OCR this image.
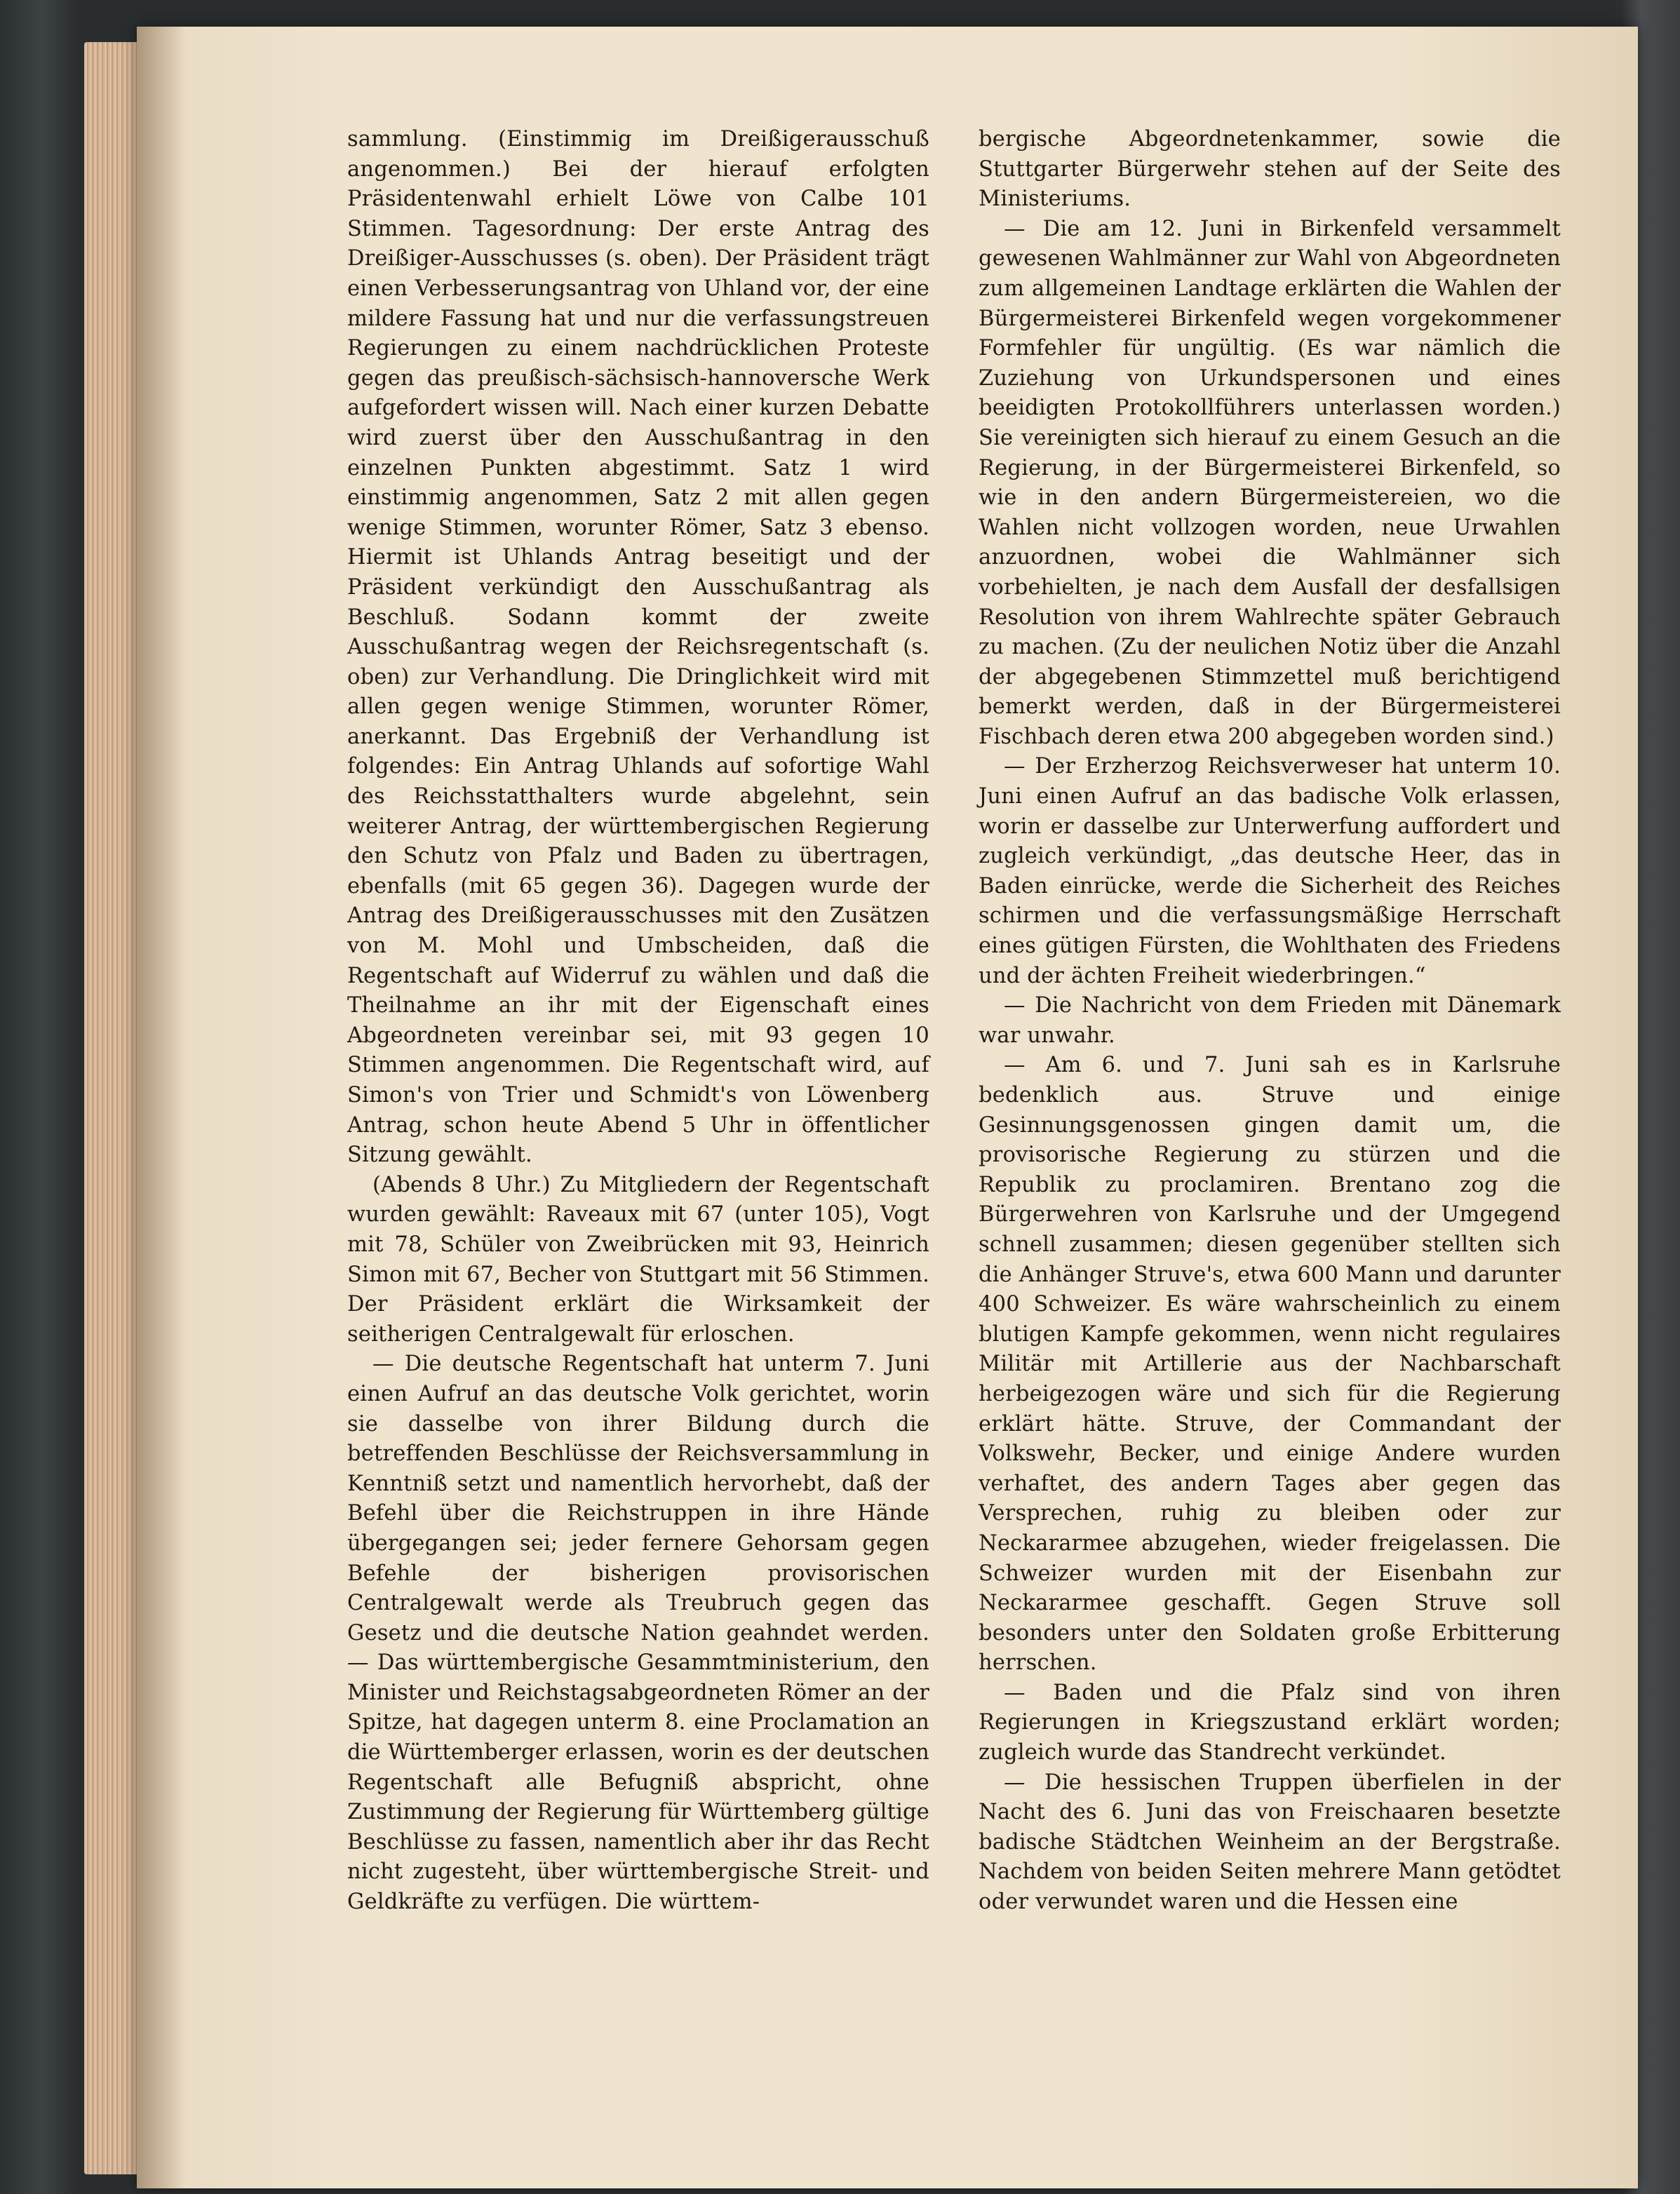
sammlung. (Einstimmig im Dreißigerausschuß angenommen.) Bei der hierauf erfolgten Präsidentenwahl erhielt Löwe von Calbe 101 Stimmen. Tagesordnung: Der erste Antrag des Dreißiger-Ausschusses (s. oben). Der Präsident trägt einen Verbesserungsantrag von Uhland vor, der eine mildere Fassung hat und nur die verfassungstreuen Regierungen zu einem nachdrücklichen Proteste gegen das preußisch-sächsisch-hannoversche Werk aufgefordert wissen will. Nach einer kurzen Debatte wird zuerst über den Ausschußantrag in den einzelnen Punkten abgestimmt. Satz 1 wird einstimmig angenommen, Satz 2 mit allen gegen wenige Stimmen, worunter Römer, Satz 3 ebenso. Hiermit ist Uhlands Antrag beseitigt und der Präsident verkündigt den Ausschußantrag als Beschluß. Sodann kommt der zweite Ausschußantrag wegen der Reichsregentschaft (s. oben) zur Verhandlung. Die Dringlichkeit wird mit allen gegen wenige Stimmen, worunter Römer, anerkannt. Das Ergebniß der Verhandlung ist folgendes: Ein Antrag Uhlands auf sofortige Wahl des Reichsstatthalters wurde abgelehnt, sein weiterer Antrag, der württembergischen Regierung den Schutz von Pfalz und Baden zu übertragen, ebenfalls (mit 65 gegen 36). Dagegen wurde der Antrag des Dreißigerausschusses mit den Zusätzen von M. Mohl und Umbscheiden, daß die Regentschaft auf Widerruf zu wählen und daß die Theilnahme an ihr mit der Eigenschaft eines Abgeordneten vereinbar sei, mit 93 gegen 10 Stimmen angenommen. Die Regentschaft wird, auf Simon's von Trier und Schmidt's von Löwenberg Antrag, schon heute Abend 5 Uhr in öffentlicher Sitzung gewählt.

(Abends 8 Uhr.) Zu Mitgliedern der Regentschaft wurden gewählt: Raveaux mit 67 (unter 105), Vogt mit 78, Schüler von Zweibrücken mit 93, Heinrich Simon mit 67, Becher von Stuttgart mit 56 Stimmen. Der Präsident erklärt die Wirksamkeit der seitherigen Centralgewalt für erloschen.

— Die deutsche Regentschaft hat unterm 7. Juni einen Aufruf an das deutsche Volk gerichtet, worin sie dasselbe von ihrer Bildung durch die betreffenden Beschlüsse der Reichsversammlung in Kenntniß setzt und namentlich hervorhebt, daß der Befehl über die Reichstruppen in ihre Hände übergegangen sei; jeder fernere Gehorsam gegen Befehle der bisherigen provisorischen Centralgewalt werde als Treubruch gegen das Gesetz und die deutsche Nation geahndet werden. — Das württembergische Gesammtministerium, den Minister und Reichstagsabgeordneten Römer an der Spitze, hat dagegen unterm 8. eine Proclamation an die Württemberger erlassen, worin es der deutschen Regentschaft alle Befugniß abspricht, ohne Zustimmung der Regierung für Württemberg gültige Beschlüsse zu fassen, namentlich aber ihr das Recht nicht zugesteht, über württembergische Streit- und Geldkräfte zu verfügen. Die württem-

bergische Abgeordnetenkammer, sowie die Stuttgarter Bürgerwehr stehen auf der Seite des Ministeriums.

— Die am 12. Juni in Birkenfeld versammelt gewesenen Wahlmänner zur Wahl von Abgeordneten zum allgemeinen Landtage erklärten die Wahlen der Bürgermeisterei Birkenfeld wegen vorgekommener Formfehler für ungültig. (Es war nämlich die Zuziehung von Urkundspersonen und eines beeidigten Protokollführers unterlassen worden.) Sie vereinigten sich hierauf zu einem Gesuch an die Regierung, in der Bürgermeisterei Birkenfeld, so wie in den andern Bürgermeistereien, wo die Wahlen nicht vollzogen worden, neue Urwahlen anzuordnen, wobei die Wahlmänner sich vorbehielten, je nach dem Ausfall der desfallsigen Resolution von ihrem Wahlrechte später Gebrauch zu machen. (Zu der neulichen Notiz über die Anzahl der abgegebenen Stimmzettel muß berichtigend bemerkt werden, daß in der Bürgermeisterei Fischbach deren etwa 200 abgegeben worden sind.)

— Der Erzherzog Reichsverweser hat unterm 10. Juni einen Aufruf an das badische Volk erlassen, worin er dasselbe zur Unterwerfung auffordert und zugleich verkündigt, „das deutsche Heer, das in Baden einrücke, werde die Sicherheit des Reiches schirmen und die verfassungsmäßige Herrschaft eines gütigen Fürsten, die Wohlthaten des Friedens und der ächten Freiheit wiederbringen.“

— Die Nachricht von dem Frieden mit Dänemark war unwahr.

— Am 6. und 7. Juni sah es in Karlsruhe bedenklich aus. Struve und einige Gesinnungsgenossen gingen damit um, die provisorische Regierung zu stürzen und die Republik zu proclamiren. Brentano zog die Bürgerwehren von Karlsruhe und der Umgegend schnell zusammen; diesen gegenüber stellten sich die Anhänger Struve's, etwa 600 Mann und darunter 400 Schweizer. Es wäre wahrscheinlich zu einem blutigen Kampfe gekommen, wenn nicht regulaires Militär mit Artillerie aus der Nachbarschaft herbeigezogen wäre und sich für die Regierung erklärt hätte. Struve, der Commandant der Volkswehr, Becker, und einige Andere wurden verhaftet, des andern Tages aber gegen das Versprechen, ruhig zu bleiben oder zur Neckararmee abzugehen, wieder freigelassen. Die Schweizer wurden mit der Eisenbahn zur Neckararmee geschafft. Gegen Struve soll besonders unter den Soldaten große Erbitterung herrschen.

— Baden und die Pfalz sind von ihren Regierungen in Kriegszustand erklärt worden; zugleich wurde das Standrecht verkündet.

— Die hessischen Truppen überfielen in der Nacht des 6. Juni das von Freischaaren besetzte badische Städtchen Weinheim an der Bergstraße. Nachdem von beiden Seiten mehrere Mann getödtet oder verwundet waren und die Hessen eine
